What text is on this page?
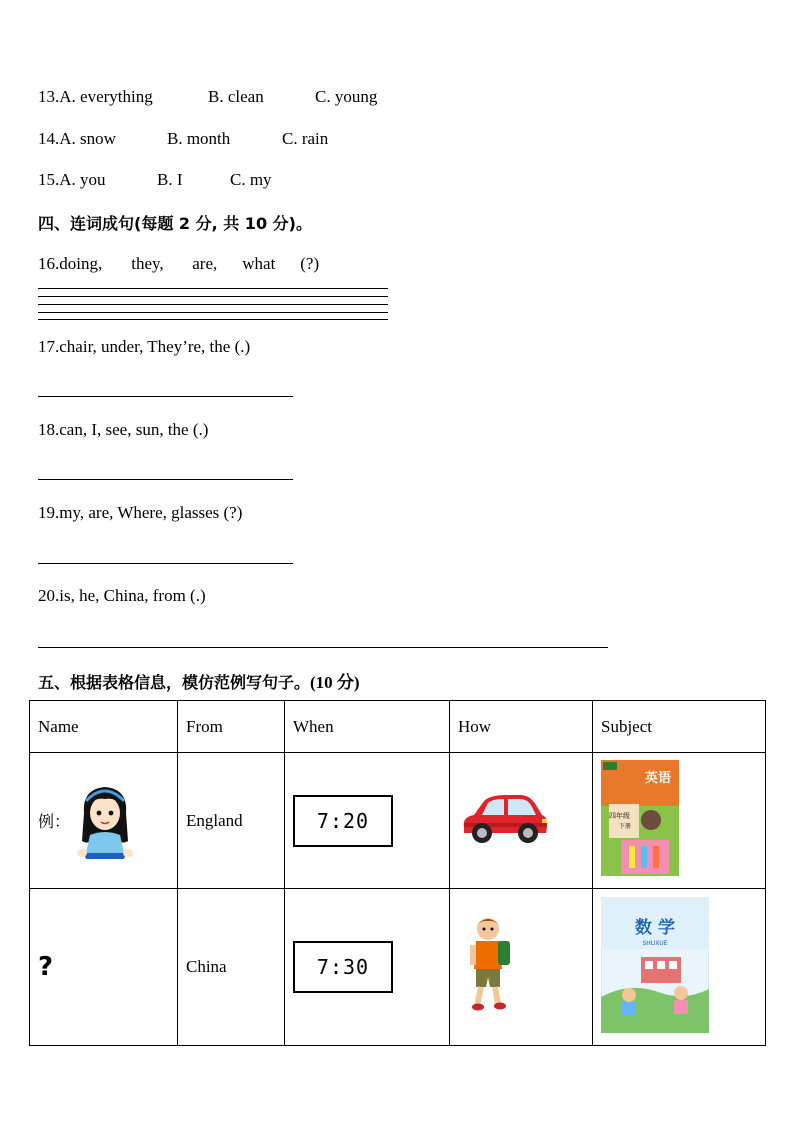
13.A. everything	B. clean	C. young
14.A. snow	B. month	C. rain
15.A. you	B. I	C. my
四、连词成句(每题 2 分, 共 10 分)。
16.doing, they, are, what (?)
17.chair, under, They’re, the (.)
18.can, I, see, sun, the (.)
19.my, are, Where, glasses (?)
20.is, he, China, from (.)
五、根据表格信息，模仿范例写句子。(10 分)
Name	From	When	How	Subject

例：	England	7:20		四年级
下册
英语

?	China	7:30		数 学
SHUXUE
